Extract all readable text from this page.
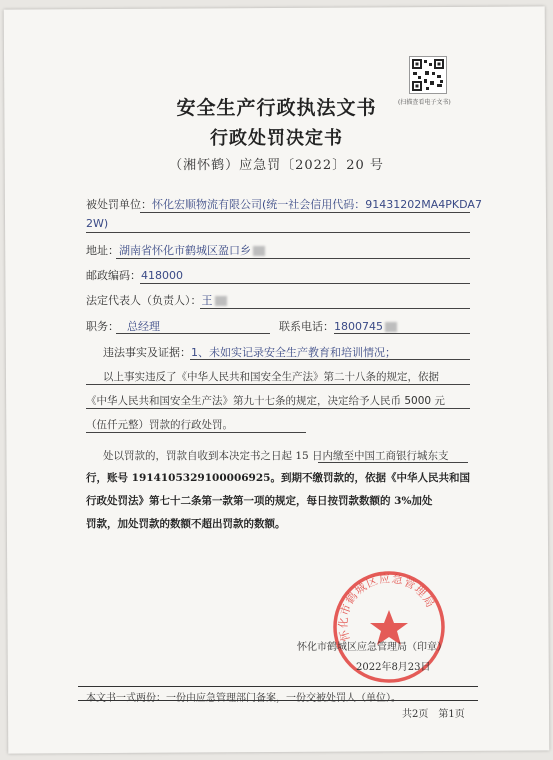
(扫描查看电子文书)
安全生产行政执法文书
行政处罚决定书
（湘怀鹤）应急罚〔2022〕20 号
被处罚单位：怀化宏顺物流有限公司(统一社会信用代码：91431202MA4PKDA7
2W)
地址：湖南省怀化市鹤城区盈口乡
邮政编码：418000
法定代表人（负责人）：王
职务： 总经理	联系电话：1800745
违法事实及证据：1、未如实记录安全生产教育和培训情况；
以上事实违反了《中华人民共和国安全生产法》第二十八条的规定，依据
《中华人民共和国安全生产法》第九十七条的规定，决定给予人民币 5000 元
（伍仟元整）罚款的行政处罚。
处以罚款的，罚款自收到本决定书之日起 15 日内缴至中国工商银行城东支
行，账号 1914105329100006925。到期不缴罚款的，依据《中华人民共和国
行政处罚法》第七十二条第一款第一项的规定，每日按罚款数额的 3%加处
罚款，加处罚款的数额不超出罚款的数额。
怀化市鹤城区应急管理局
怀化市鹤城区应急管理局（印章）
2022年8月23日
本文书一式两份：一份由应急管理部门备案，一份交被处罚人（单位）。
共2页　第1页
